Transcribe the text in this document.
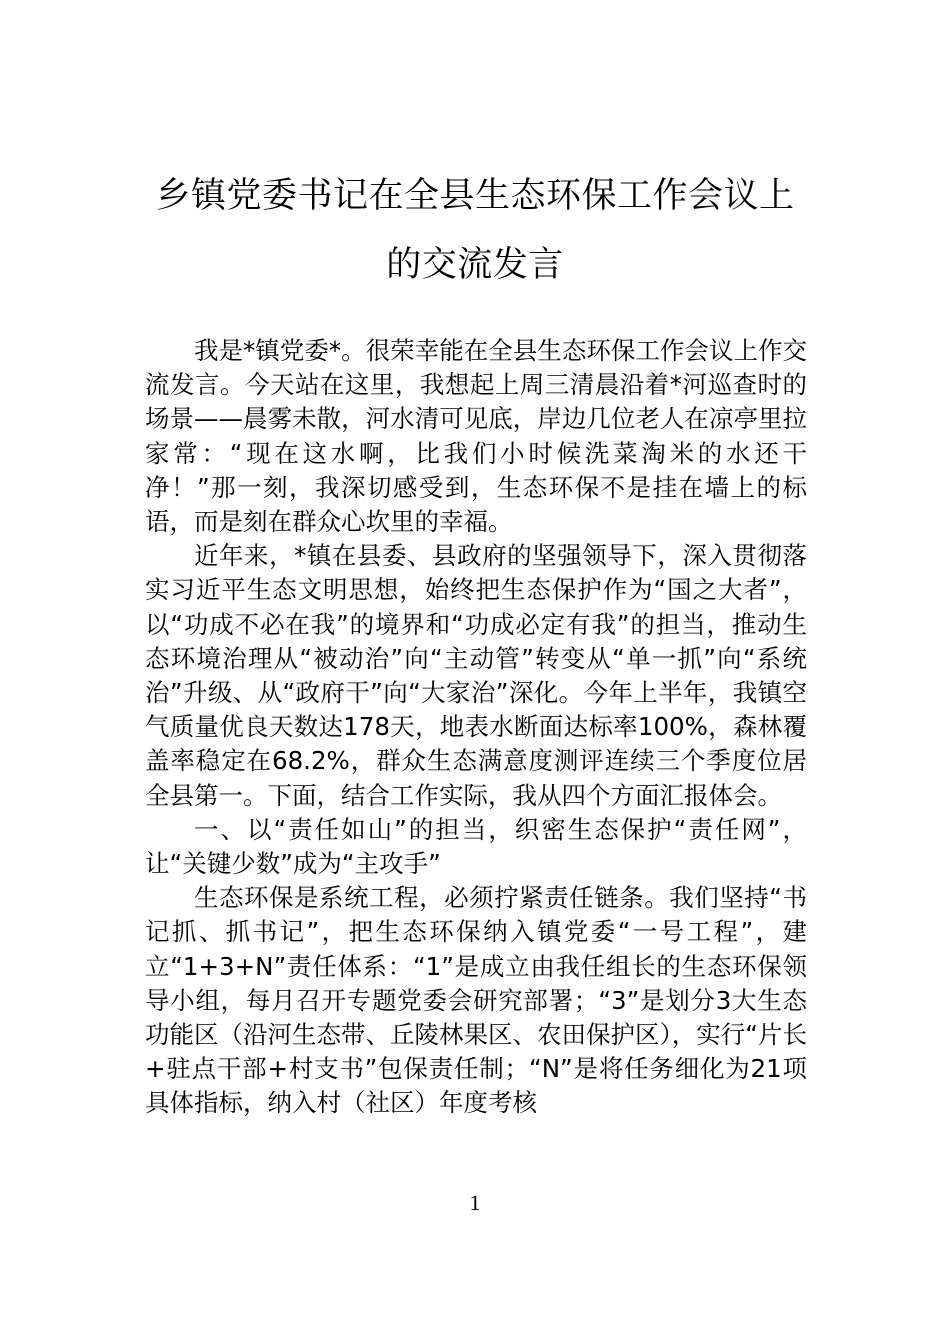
乡镇党委书记在全县生态环保工作会议上
的交流发言

我是*镇党委*。很荣幸能在全县生态环保工作会议上作交流发言。今天站在这里，我想起上周三清晨沿着*河巡查时的场景——晨雾未散，河水清可见底，岸边几位老人在凉亭里拉家常：“现在这水啊，比我们小时候洗菜淘米的水还干净！”那一刻，我深切感受到，生态环保不是挂在墙上的标语，而是刻在群众心坎里的幸福。

近年来，*镇在县委、县政府的坚强领导下，深入贯彻落实习近平生态文明思想，始终把生态保护作为“国之大者”，以“功成不必在我”的境界和“功成必定有我”的担当，推动生态环境治理从“被动治”向“主动管”转变从“单一抓”向“系统治”升级、从“政府干”向“大家治”深化。今年上半年，我镇空气质量优良天数达178天，地表水断面达标率100%，森林覆盖率稳定在68.2%，群众生态满意度测评连续三个季度位居全县第一。下面，结合工作实际，我从四个方面汇报体会。

一、以“责任如山”的担当，织密生态保护“责任网”，让“关键少数”成为“主攻手”

生态环保是系统工程，必须拧紧责任链条。我们坚持“书记抓、抓书记”，把生态环保纳入镇党委“一号工程”，建立“1+3+N”责任体系：“1”是成立由我任组长的生态环保领导小组，每月召开专题党委会研究部署；“3”是划分3大生态功能区（沿河生态带、丘陵林果区、农田保护区），实行“片长+驻点干部+村支书”包保责任制；“N”是将任务细化为21项具体指标，纳入村（社区）年度考核

1
